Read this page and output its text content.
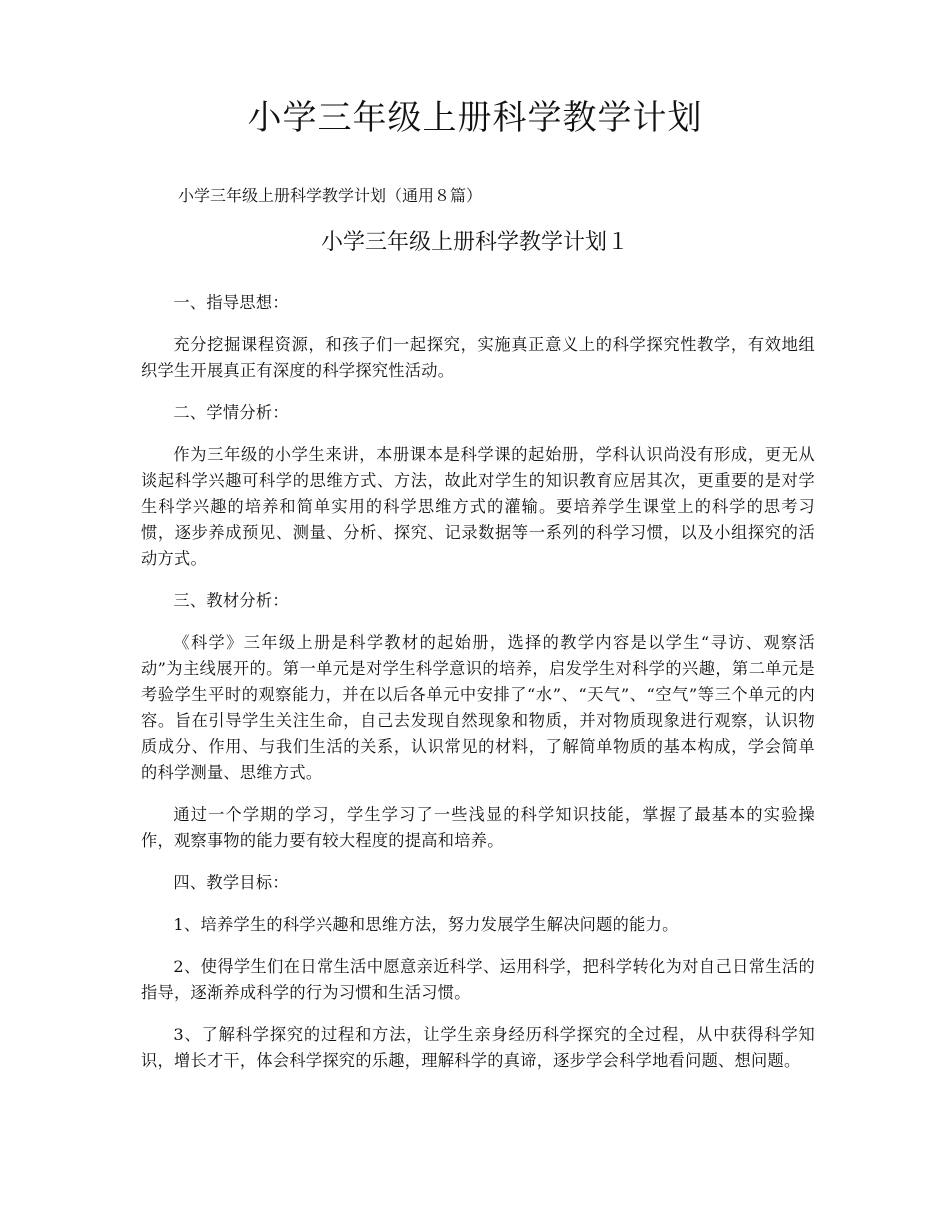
小学三年级上册科学教学计划
小学三年级上册科学教学计划（通用８篇）
小学三年级上册科学教学计划１

一、指导思想：

充分挖掘课程资源，和孩子们一起探究，实施真正意义上的科学探究性教学，有效地组织学生开展真正有深度的科学探究性活动。

二、学情分析：

作为三年级的小学生来讲，本册课本是科学课的起始册，学科认识尚没有形成，更无从谈起科学兴趣可科学的思维方式、方法，故此对学生的知识教育应居其次，更重要的是对学生科学兴趣的培养和简单实用的科学思维方式的灌输。要培养学生课堂上的科学的思考习惯，逐步养成预见、测量、分析、探究、记录数据等一系列的科学习惯，以及小组探究的活动方式。

三、教材分析：

《科学》三年级上册是科学教材的起始册，选择的教学内容是以学生“寻访、观察活动”为主线展开的。第一单元是对学生科学意识的培养，启发学生对科学的兴趣，第二单元是考验学生平时的观察能力，并在以后各单元中安排了“水”、“天气”、“空气”等三个单元的内容。旨在引导学生关注生命，自己去发现自然现象和物质，并对物质现象进行观察，认识物质成分、作用、与我们生活的关系，认识常见的材料，了解简单物质的基本构成，学会简单的科学测量、思维方式。

通过一个学期的学习，学生学习了一些浅显的科学知识技能，掌握了最基本的实验操作，观察事物的能力要有较大程度的提高和培养。

四、教学目标：

1、培养学生的科学兴趣和思维方法，努力发展学生解决问题的能力。

2、使得学生们在日常生活中愿意亲近科学、运用科学，把科学转化为对自己日常生活的指导，逐渐养成科学的行为习惯和生活习惯。

3、了解科学探究的过程和方法，让学生亲身经历科学探究的全过程，从中获得科学知识，增长才干，体会科学探究的乐趣，理解科学的真谛，逐步学会科学地看问题、想问题。
